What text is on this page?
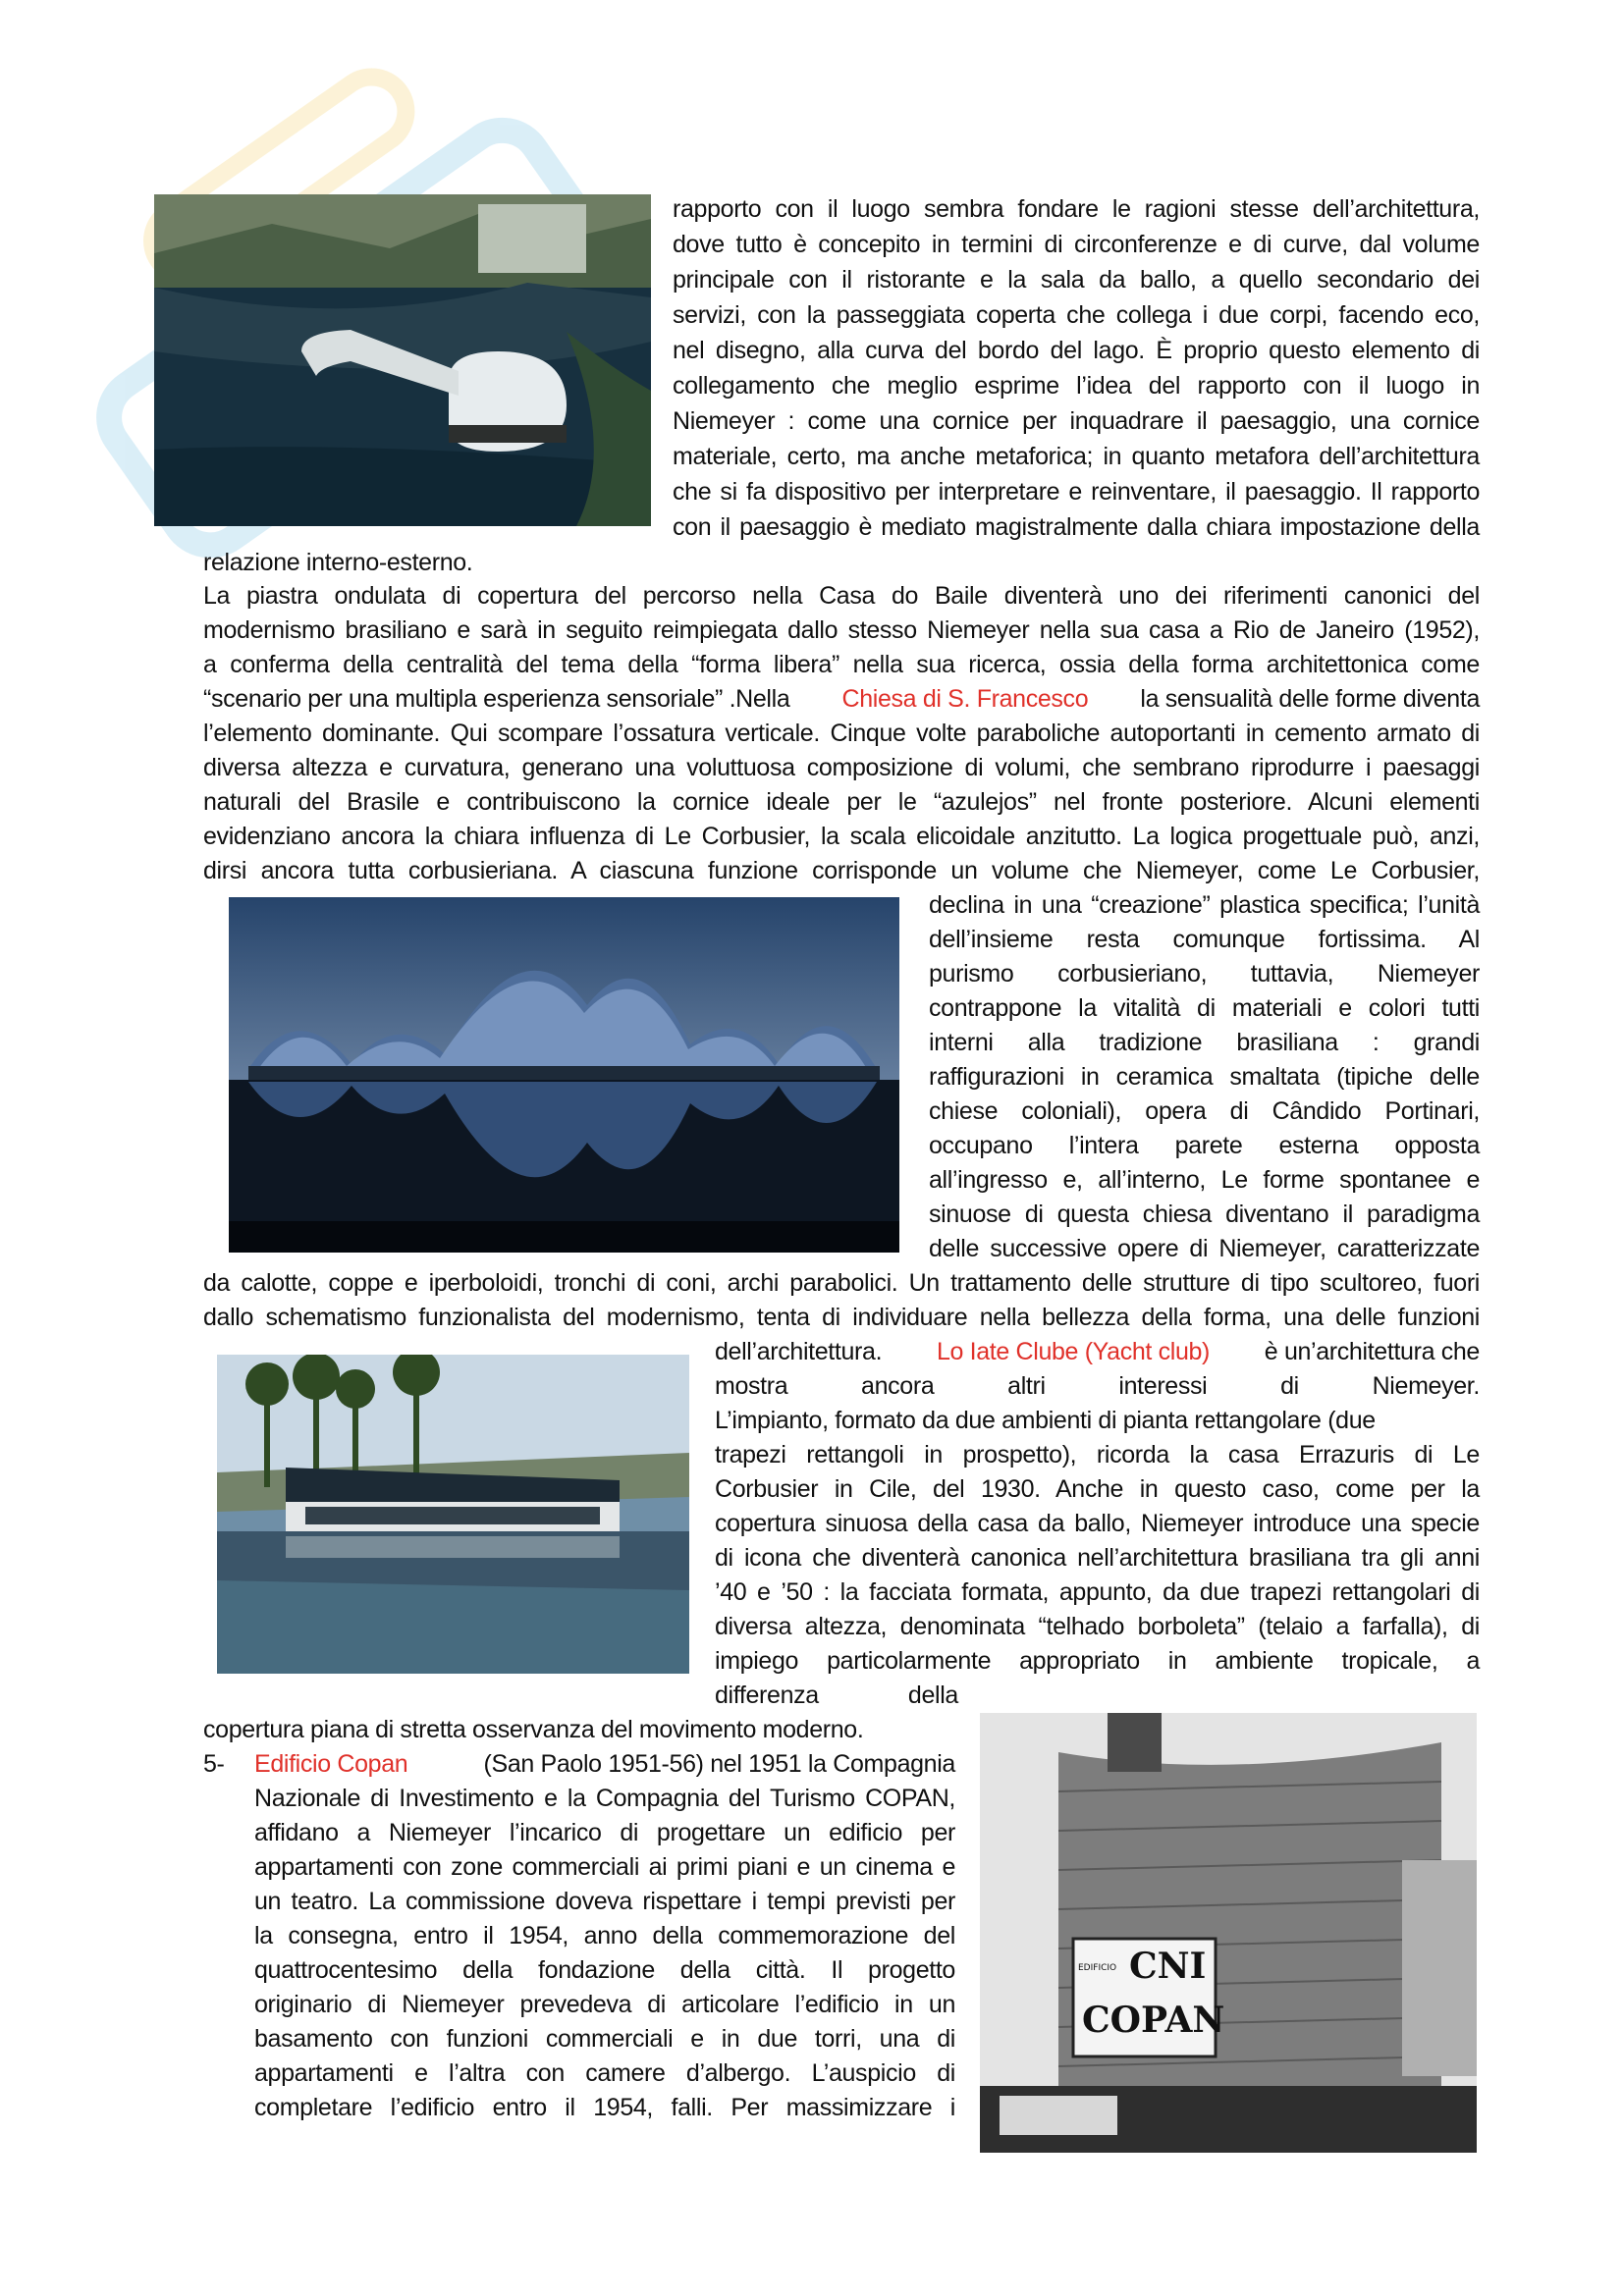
CNI
COPAN
EDIFICIO
rapporto con il luogo sembra fondare le ragioni stesse dell’architettura,
dove tutto è concepito in termini di circonferenze e di curve, dal volume
principale con il ristorante e la sala da ballo, a quello secondario dei
servizi, con la passeggiata coperta che collega i due corpi, facendo eco,
nel disegno, alla curva del bordo del lago. È proprio questo elemento di
collegamento che meglio esprime l’idea del rapporto con il luogo in
Niemeyer : come una cornice per inquadrare il paesaggio, una cornice
materiale, certo, ma anche metaforica; in quanto metafora dell’architettura
che si fa dispositivo per interpretare e reinventare, il paesaggio. Il rapporto
con il paesaggio è mediato magistralmente dalla chiara impostazione della
relazione interno-esterno.
La piastra ondulata di copertura del percorso nella Casa do Baile diventerà uno dei riferimenti canonici del
modernismo brasiliano e sarà in seguito reimpiegata dallo stesso Niemeyer nella sua casa a Rio de Janeiro (1952),
a conferma della centralità del tema della “forma libera” nella sua ricerca, ossia della forma architettonica come
“scenario per una multipla esperienza sensoriale” .Nella Chiesa di S. Francesco la sensualità delle forme diventa
l’elemento dominante. Qui scompare l’ossatura verticale. Cinque volte paraboliche autoportanti in cemento armato di
diversa altezza e curvatura, generano una voluttuosa composizione di volumi, che sembrano riprodurre i paesaggi
naturali del Brasile e contribuiscono la cornice ideale per le “azulejos” nel fronte posteriore. Alcuni elementi
evidenziano ancora la chiara influenza di Le Corbusier, la scala elicoidale anzitutto. La logica progettuale può, anzi,
dirsi ancora tutta corbusieriana. A ciascuna funzione corrisponde un volume che Niemeyer, come Le Corbusier,
declina in una “creazione” plastica specifica; l’unità
dell’insieme resta comunque fortissima. Al
purismo corbusieriano, tuttavia, Niemeyer
contrappone la vitalità di materiali e colori tutti
interni alla tradizione brasiliana : grandi
raffigurazioni in ceramica smaltata (tipiche delle
chiese coloniali), opera di Cândido Portinari,
occupano l’intera parete esterna opposta
all’ingresso e, all’interno, Le forme spontanee e
sinuose di questa chiesa diventano il paradigma
delle successive opere di Niemeyer, caratterizzate
da calotte, coppe e iperboloidi, tronchi di coni, archi parabolici. Un trattamento delle strutture di tipo scultoreo, fuori
dallo schematismo funzionalista del modernismo, tenta di individuare nella bellezza della forma, una delle funzioni
dell’architettura. Lo Iate Clube (Yacht club) è un’architettura che
mostra ancora altri interessi di Niemeyer.
L’impianto, formato da due ambienti di pianta rettangolare (due
trapezi rettangoli in prospetto), ricorda la casa Errazuris di Le
Corbusier in Cile, del 1930. Anche in questo caso, come per la
copertura sinuosa della casa da ballo, Niemeyer introduce una specie
di icona che diventerà canonica nell’architettura brasiliana tra gli anni
’40 e ’50 : la facciata formata, appunto, da due trapezi rettangolari di
diversa altezza, denominata “telhado borboleta” (telaio a farfalla), di
impiego particolarmente appropriato in ambiente tropicale, a
differenza della
copertura piana di stretta osservanza del movimento moderno.
5- Edificio Copan	(San Paolo 1951-56) nel 1951 la Compagnia
Nazionale di Investimento e la Compagnia del Turismo COPAN,
affidano a Niemeyer l’incarico di progettare un edificio per
appartamenti con zone commerciali ai primi piani e un cinema e
un teatro. La commissione doveva rispettare i tempi previsti per
la consegna, entro il 1954, anno della commemorazione del
quattrocentesimo della fondazione della città. Il progetto
originario di Niemeyer prevedeva di articolare l’edificio in un
basamento con funzioni commerciali e in due torri, una di
appartamenti e l’altra con camere d’albergo. L’auspicio di
completare l’edificio entro il 1954, falli. Per massimizzare i
